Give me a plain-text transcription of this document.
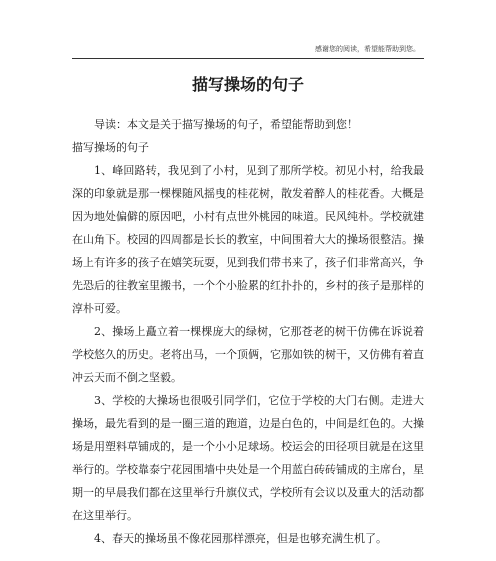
感谢您的阅读，希望能帮助到您。
描写操场的句子

导读：本文是关于描写操场的句子，希望能帮助到您！

描写操场的句子

1、峰回路转，我见到了小村，见到了那所学校。初见小村，给我最深的印象就是那一棵棵随风摇曳的桂花树，散发着醉人的桂花香。大概是因为地处偏僻的原因吧，小村有点世外桃园的味道。民风纯朴。学校就建在山角下。校园的四周都是长长的教室，中间围着大大的操场很整洁。操场上有许多的孩子在嬉笑玩耍，见到我们带书来了，孩子们非常高兴，争先恐后的往教室里搬书，一个个小脸累的红扑扑的，乡村的孩子是那样的淳朴可爱。

2、操场上矗立着一棵棵庞大的绿树，它那苍老的树干仿佛在诉说着学校悠久的历史。老将出马，一个顶俩，它那如铁的树干，又仿佛有着直冲云天而不倒之坚毅。

3、学校的大操场也很吸引同学们，它位于学校的大门右侧。走进大操场，最先看到的是一圈三道的跑道，边是白色的，中间是红色的。大操场是用塑料草铺成的，是一个小小足球场。校运会的田径项目就是在这里举行的。学校靠泰宁花园围墙中央处是一个用蓝白砖砖铺成的主席台，星期一的早晨我们都在这里举行升旗仪式，学校所有会议以及重大的活动都在这里举行。

4、春天的操场虽不像花园那样漂亮，但是也够充满生机了。
